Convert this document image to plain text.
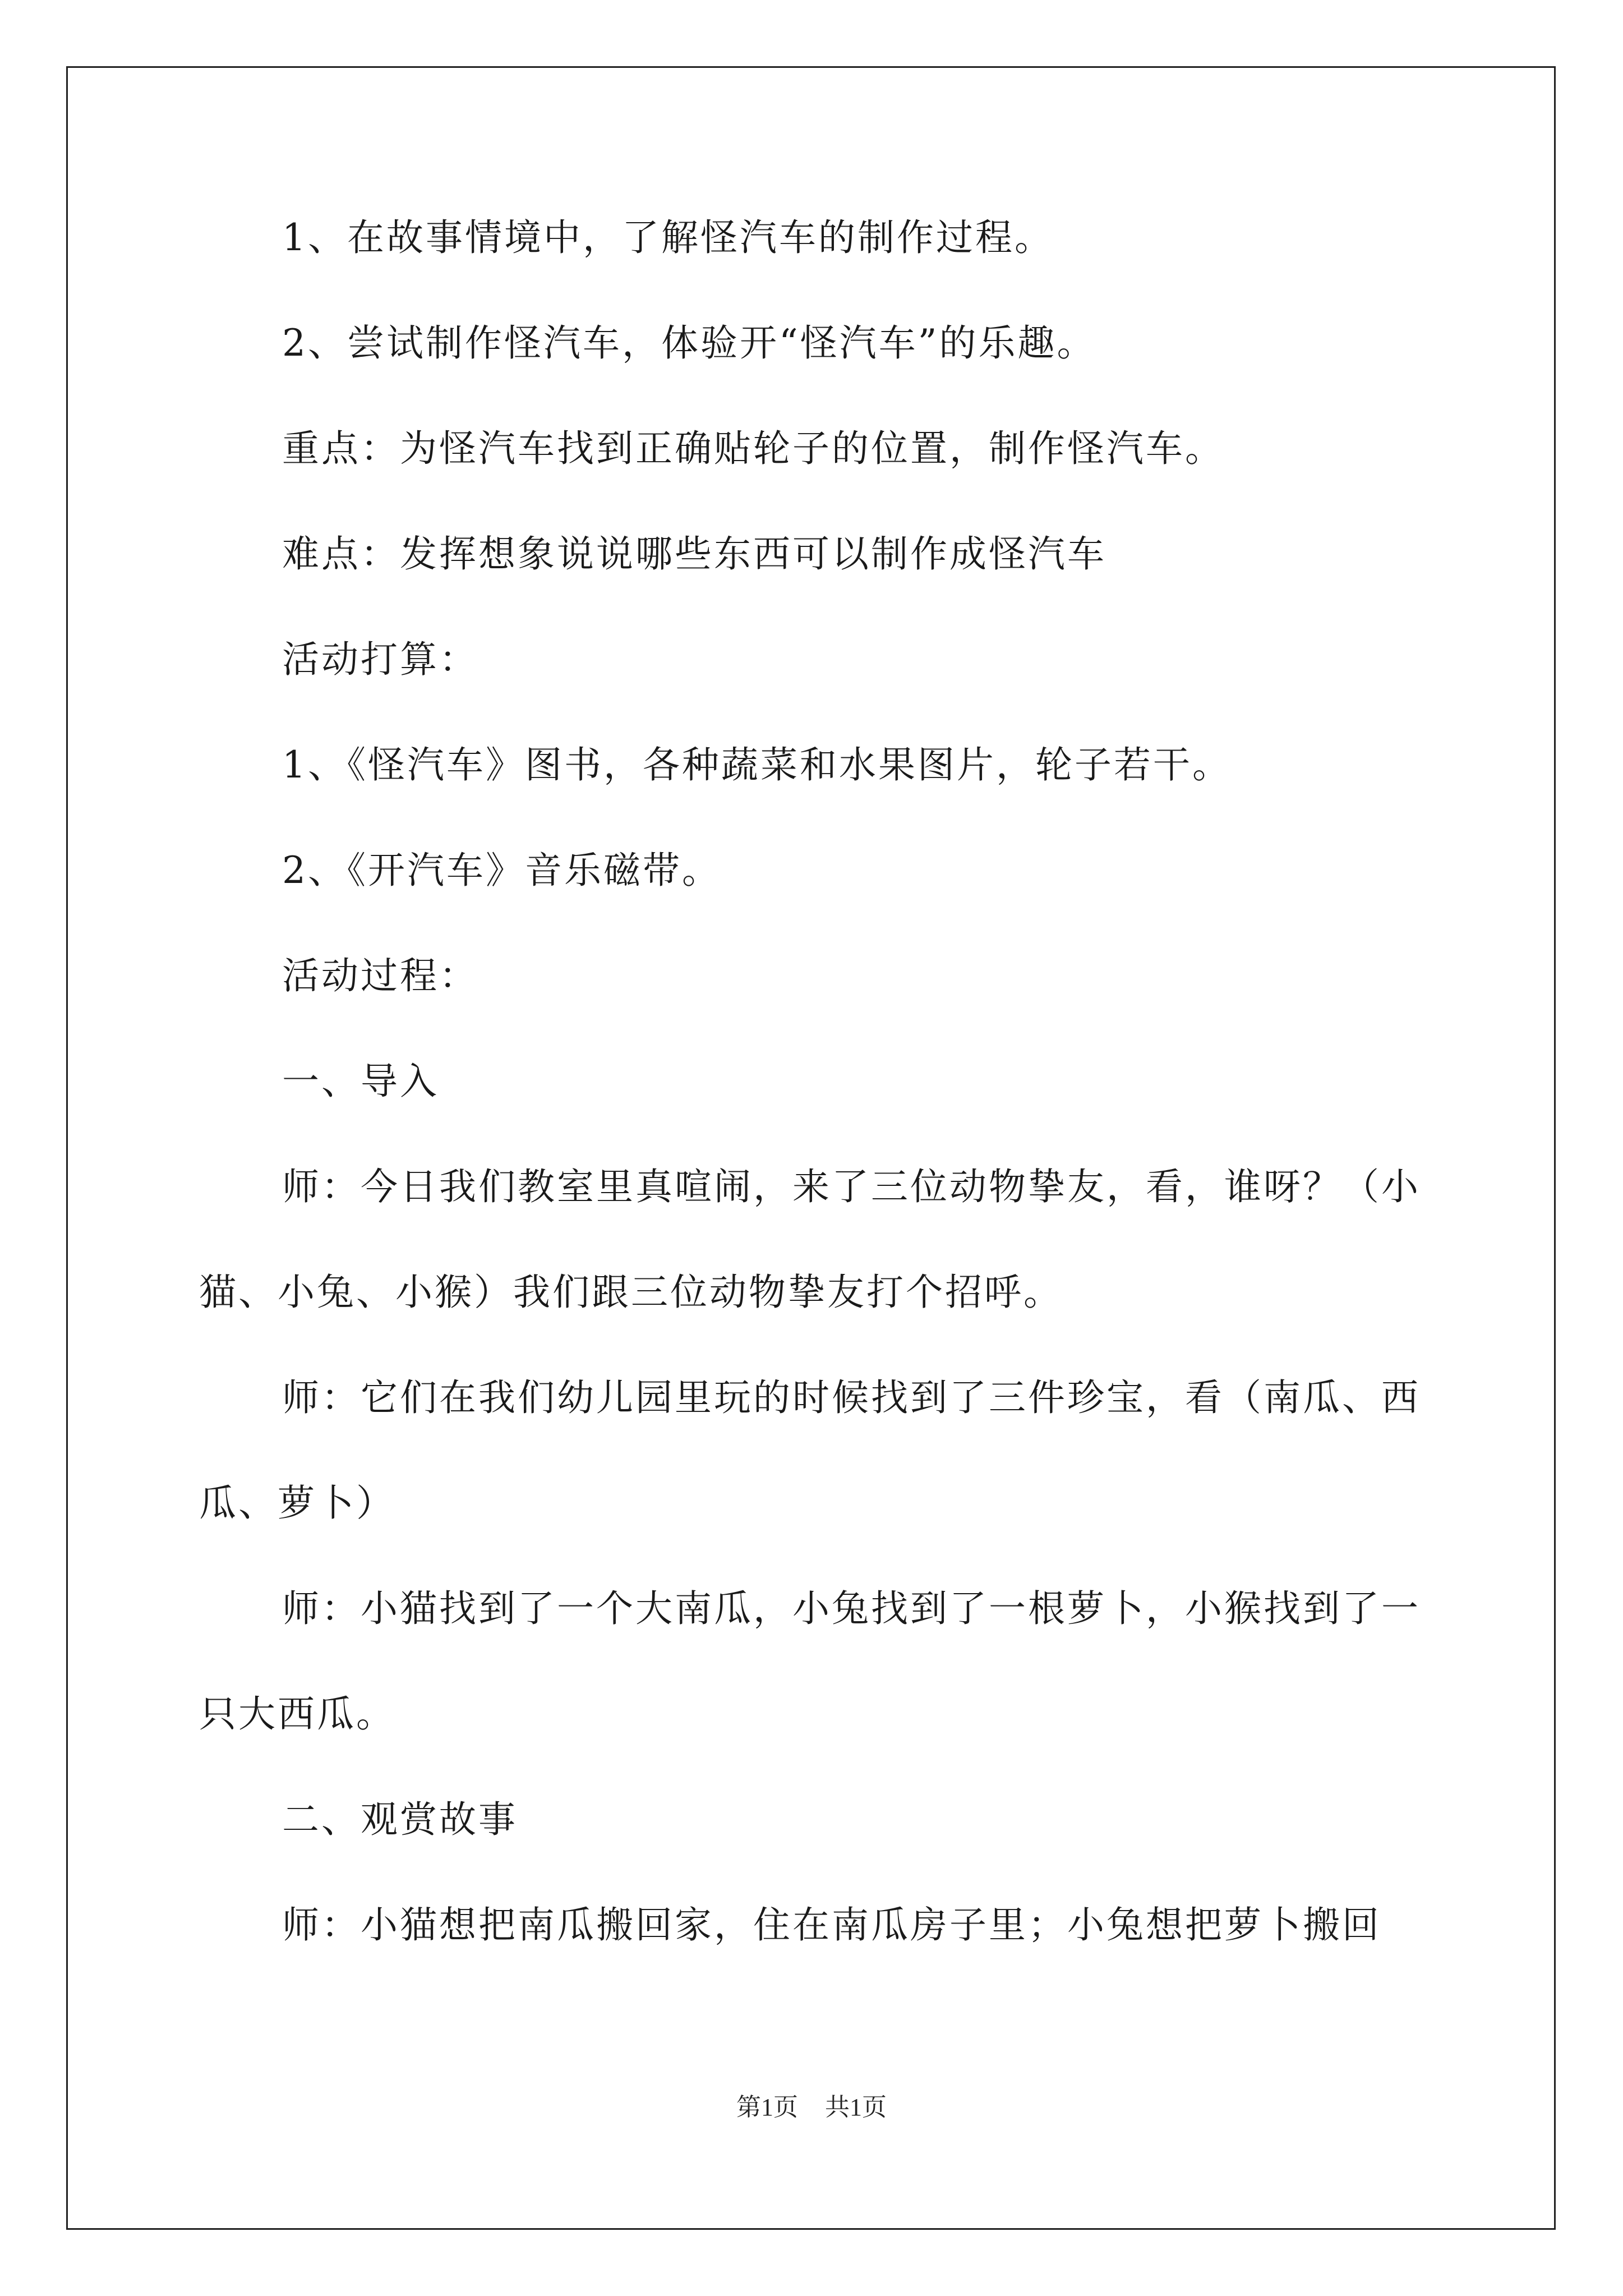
1、在故事情境中，了解怪汽车的制作过程。

2、尝试制作怪汽车，体验开“怪汽车”的乐趣。

重点：为怪汽车找到正确贴轮子的位置，制作怪汽车。

难点：发挥想象说说哪些东西可以制作成怪汽车

活动打算：

1、《怪汽车》图书，各种蔬菜和水果图片，轮子若干。

2、《开汽车》音乐磁带。

活动过程：

一、导入

师：今日我们教室里真喧闹，来了三位动物挚友，看，谁呀？（小猫、小兔、小猴）我们跟三位动物挚友打个招呼。

师：它们在我们幼儿园里玩的时候找到了三件珍宝，看（南瓜、西瓜、萝卜）

师：小猫找到了一个大南瓜，小兔找到了一根萝卜，小猴找到了一只大西瓜。

二、观赏故事

师：小猫想把南瓜搬回家，住在南瓜房子里；小兔想把萝卜搬回

第1页 共1页
